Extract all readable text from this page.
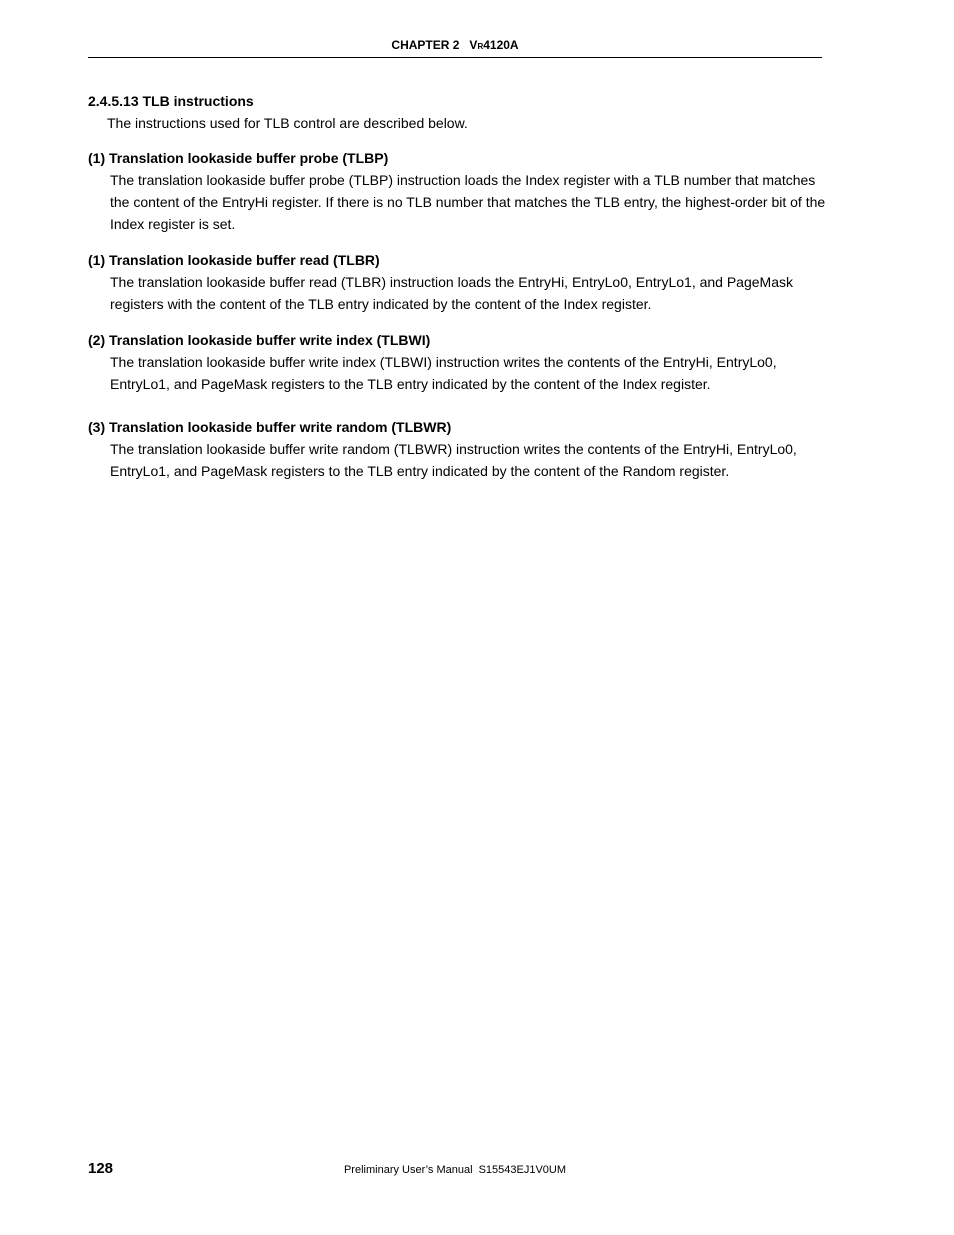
CHAPTER 2 VR4120A

2.4.5.13 TLB instructions

The instructions used for TLB control are described below.

(1) Translation lookaside buffer probe (TLBP)

The translation lookaside buffer probe (TLBP) instruction loads the Index register with a TLB number that matches the content of the EntryHi register. If there is no TLB number that matches the TLB entry, the highest-order bit of the Index register is set.

(1) Translation lookaside buffer read (TLBR)

The translation lookaside buffer read (TLBR) instruction loads the EntryHi, EntryLo0, EntryLo1, and PageMask registers with the content of the TLB entry indicated by the content of the Index register.

(2) Translation lookaside buffer write index (TLBWI)

The translation lookaside buffer write index (TLBWI) instruction writes the contents of the EntryHi, EntryLo0, EntryLo1, and PageMask registers to the TLB entry indicated by the content of the Index register.

(3) Translation lookaside buffer write random (TLBWR)

The translation lookaside buffer write random (TLBWR) instruction writes the contents of the EntryHi, EntryLo0, EntryLo1, and PageMask registers to the TLB entry indicated by the content of the Random register.

128	Preliminary User’s Manual S15543EJ1V0UM
